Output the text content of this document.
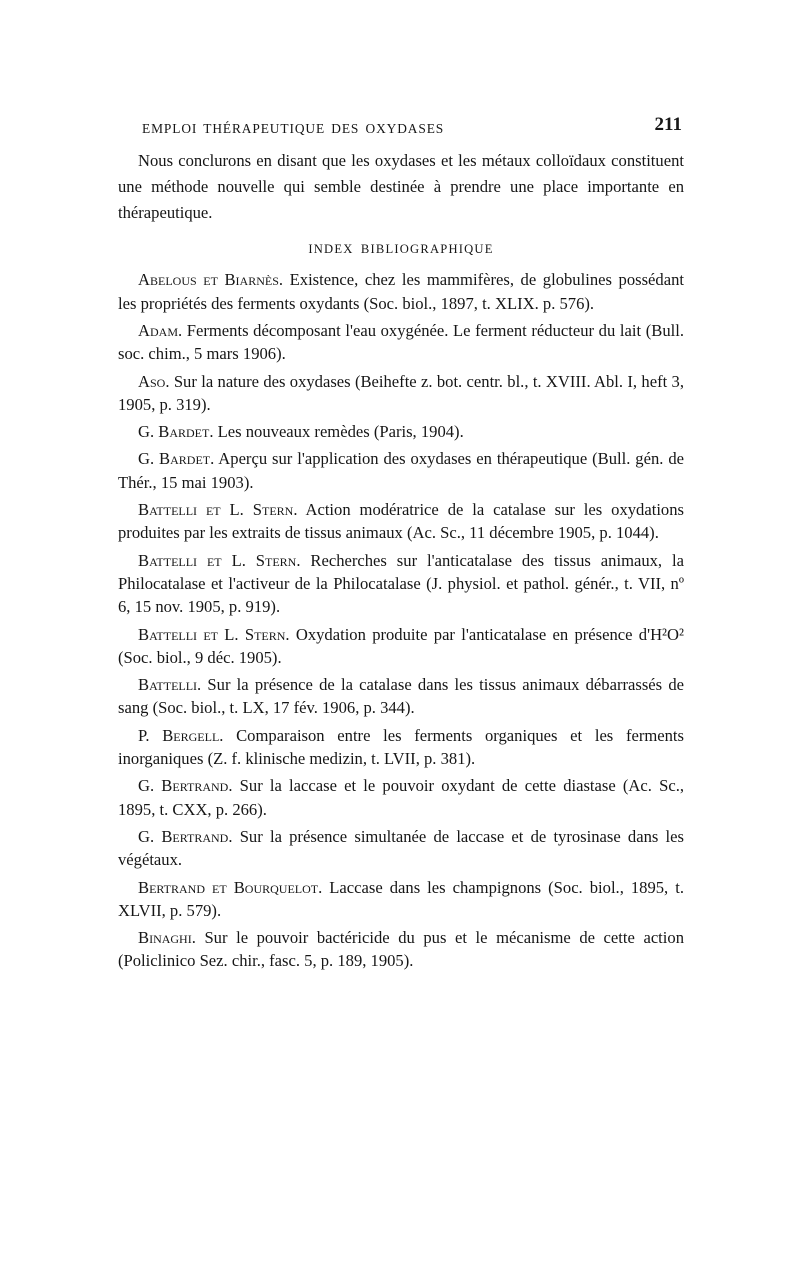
EMPLOI THÉRAPEUTIQUE DES OXYDASES	211

Nous conclurons en disant que les oxydases et les métaux colloïdaux constituent une méthode nouvelle qui semble destinée à prendre une place importante en thérapeutique.

INDEX BIBLIOGRAPHIQUE

Abelous et Biarnès. Existence, chez les mammifères, de globulines possédant les propriétés des ferments oxydants (Soc. biol., 1897, t. XLIX. p. 576).

Adam. Ferments décomposant l'eau oxygénée. Le ferment réducteur du lait (Bull. soc. chim., 5 mars 1906).

Aso. Sur la nature des oxydases (Beihefte z. bot. centr. bl., t. XVIII. Abl. I, heft 3, 1905, p. 319).

G. Bardet. Les nouveaux remèdes (Paris, 1904).

G. Bardet. Aperçu sur l'application des oxydases en thérapeutique (Bull. gén. de Thér., 15 mai 1903).

Battelli et L. Stern. Action modératrice de la catalase sur les oxydations produites par les extraits de tissus animaux (Ac. Sc., 11 décembre 1905, p. 1044).

Battelli et L. Stern. Recherches sur l'anticatalase des tissus animaux, la Philocatalase et l'activeur de la Philocatalase (J. physiol. et pathol. génér., t. VII, nº 6, 15 nov. 1905, p. 919).

Battelli et L. Stern. Oxydation produite par l'anticatalase en présence d'H²O² (Soc. biol., 9 déc. 1905).

Battelli. Sur la présence de la catalase dans les tissus animaux débarrassés de sang (Soc. biol., t. LX, 17 fév. 1906, p. 344).

P. Bergell. Comparaison entre les ferments organiques et les ferments inorganiques (Z. f. klinische medizin, t. LVII, p. 381).

G. Bertrand. Sur la laccase et le pouvoir oxydant de cette diastase (Ac. Sc., 1895, t. CXX, p. 266).

G. Bertrand. Sur la présence simultanée de laccase et de tyrosinase dans les végétaux.

Bertrand et Bourquelot. Laccase dans les champignons (Soc. biol., 1895, t. XLVII, p. 579).

Binaghi. Sur le pouvoir bactéricide du pus et le mécanisme de cette action (Policlinico Sez. chir., fasc. 5, p. 189, 1905).
